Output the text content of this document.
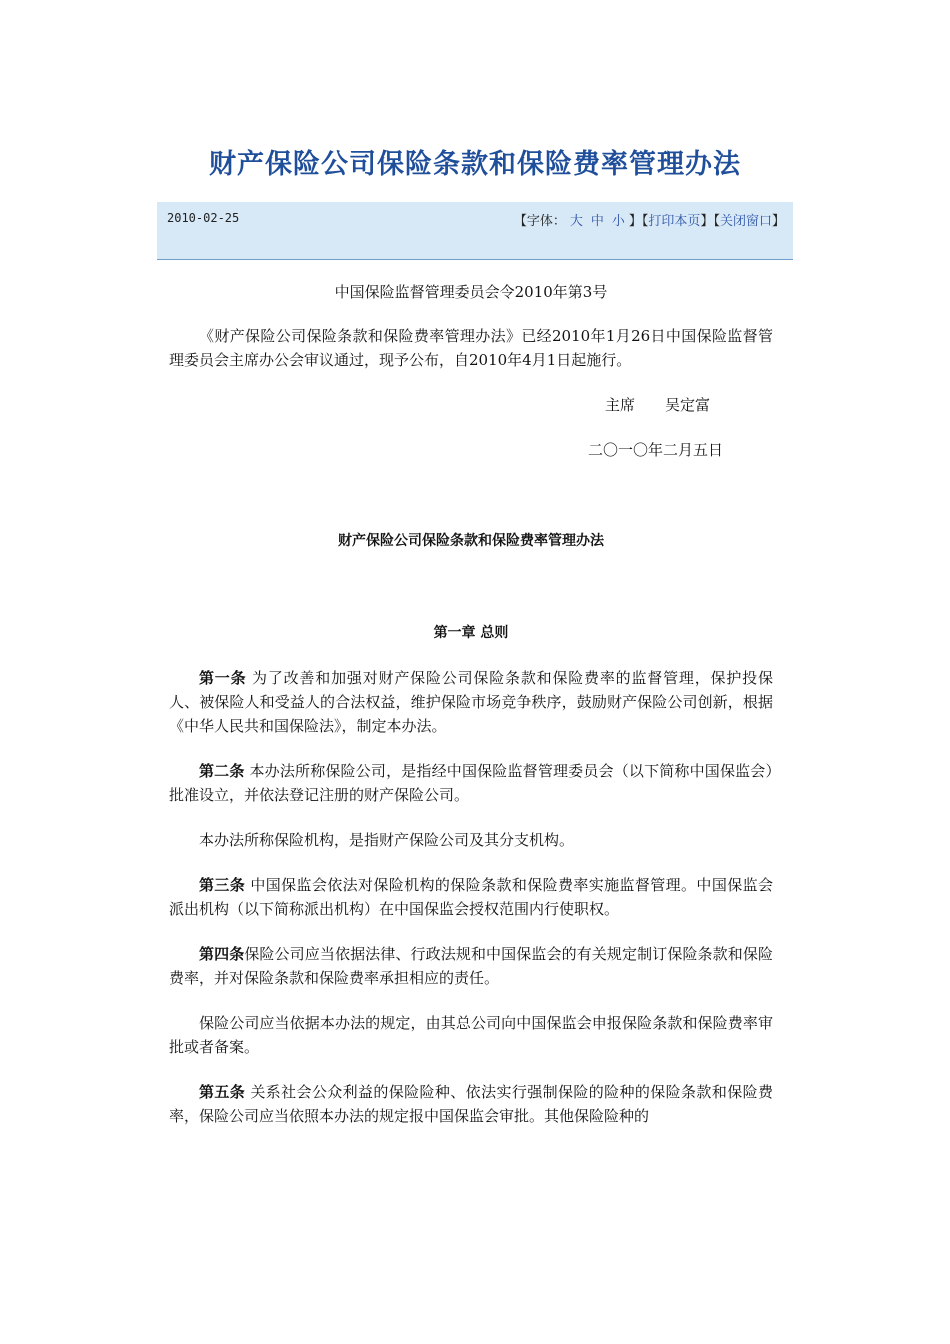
财产保险公司保险条款和保险费率管理办法
2010-02-25	【字体： 大 中 小 】【打印本页】【关闭窗口】

中国保险监督管理委员会令2010年第3号

《财产保险公司保险条款和保险费率管理办法》已经2010年1月26日中国保险监督管理委员会主席办公会审议通过，现予公布，自2010年4月1日起施行。

主席 吴定富

二〇一〇年二月五日

财产保险公司保险条款和保险费率管理办法

第一章 总则

第一条 为了改善和加强对财产保险公司保险条款和保险费率的监督管理，保护投保人、被保险人和受益人的合法权益，维护保险市场竞争秩序，鼓励财产保险公司创新，根据《中华人民共和国保险法》，制定本办法。

第二条 本办法所称保险公司，是指经中国保险监督管理委员会（以下简称中国保监会）批准设立，并依法登记注册的财产保险公司。

本办法所称保险机构，是指财产保险公司及其分支机构。

第三条 中国保监会依法对保险机构的保险条款和保险费率实施监督管理。中国保监会派出机构（以下简称派出机构）在中国保监会授权范围内行使职权。

第四条保险公司应当依据法律、行政法规和中国保监会的有关规定制订保险条款和保险费率，并对保险条款和保险费率承担相应的责任。

保险公司应当依据本办法的规定，由其总公司向中国保监会申报保险条款和保险费率审批或者备案。

第五条 关系社会公众利益的保险险种、依法实行强制保险的险种的保险条款和保险费率，保险公司应当依照本办法的规定报中国保监会审批。其他保险险种的
